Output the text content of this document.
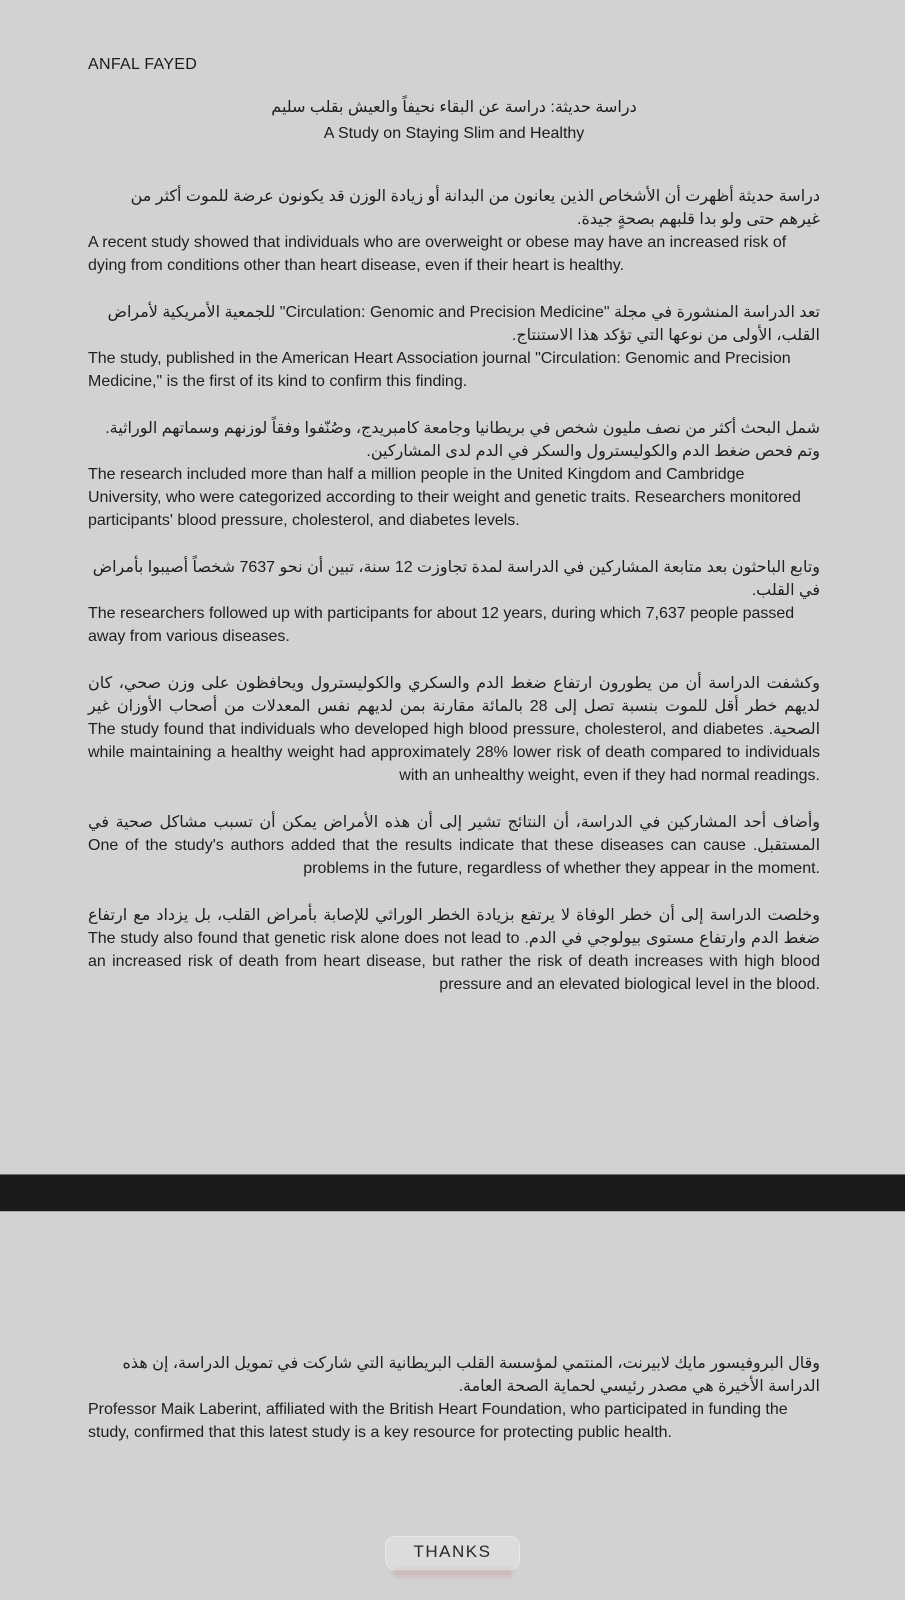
ANFAL FAYED
دراسة حديثة: دراسة عن البقاء نحيفاً والعيش بقلب سليم
A Study on Staying Slim and Healthy
دراسة حديثة أظهرت أن الأشخاص الذين يعانون من البدانة أو زيادة الوزن قد يكونون عرضة للموت أكثر من غيرهم حتى ولو بدا قلبهم بصحةٍ جيدة.
A recent study showed that individuals who are overweight or obese may have an increased risk of dying from conditions other than heart disease, even if their heart is healthy.
تعد الدراسة المنشورة في مجلة "Circulation: Genomic and Precision Medicine" للجمعية الأمريكية لأمراض القلب، الأولى من نوعها التي تؤكد هذا الاستنتاج.
The study, published in the American Heart Association journal "Circulation: Genomic and Precision Medicine," is the first of its kind to confirm this finding.
شمل البحث أكثر من نصف مليون شخص في بريطانيا وجامعة كامبريدج، وصُنّفوا وفقاً لوزنهم وسماتهم الوراثية. وتم فحص ضغط الدم والكوليسترول والسكر في الدم لدى المشاركين.
The research included more than half a million people in the United Kingdom and Cambridge University, who were categorized according to their weight and genetic traits. Researchers monitored participants' blood pressure, cholesterol, and diabetes levels.
وتابع الباحثون بعد متابعة المشاركين في الدراسة لمدة تجاوزت 12 سنة، تبين أن نحو 7637 شخصاً أصيبوا بأمراض في القلب.
The researchers followed up with participants for about 12 years, during which 7,637 people passed away from various diseases.
وكشفت الدراسة أن من يطورون ارتفاع ضغط الدم والسكري والكوليسترول ويحافظون على وزن صحي، كان لديهم خطر أقل للموت بنسبة تصل إلى 28 بالمائة مقارنة بمن لديهم نفس المعدلات من أصحاب الأوزان غير الصحية. The study found that individuals who developed high blood pressure, cholesterol, and diabetes while maintaining a healthy weight had approximately 28% lower risk of death compared to individuals with an unhealthy weight, even if they had normal readings.
وأضاف أحد المشاركين في الدراسة، أن النتائج تشير إلى أن هذه الأمراض يمكن أن تسبب مشاكل صحية في المستقبل. One of the study's authors added that the results indicate that these diseases can cause problems in the future, regardless of whether they appear in the moment.
وخلصت الدراسة إلى أن خطر الوفاة لا يرتفع بزيادة الخطر الوراثي للإصابة بأمراض القلب، بل يزداد مع ارتفاع ضغط الدم وارتفاع مستوى بيولوجي في الدم. The study also found that genetic risk alone does not lead to an increased risk of death from heart disease, but rather the risk of death increases with high blood pressure and an elevated biological level in the blood.
وقال البروفيسور مايك لابيرنت، المنتمي لمؤسسة القلب البريطانية التي شاركت في تمويل الدراسة، إن هذه الدراسة الأخيرة هي مصدر رئيسي لحماية الصحة العامة.
Professor Maik Laberint, affiliated with the British Heart Foundation, who participated in funding the study, confirmed that this latest study is a key resource for protecting public health.
THANKS
